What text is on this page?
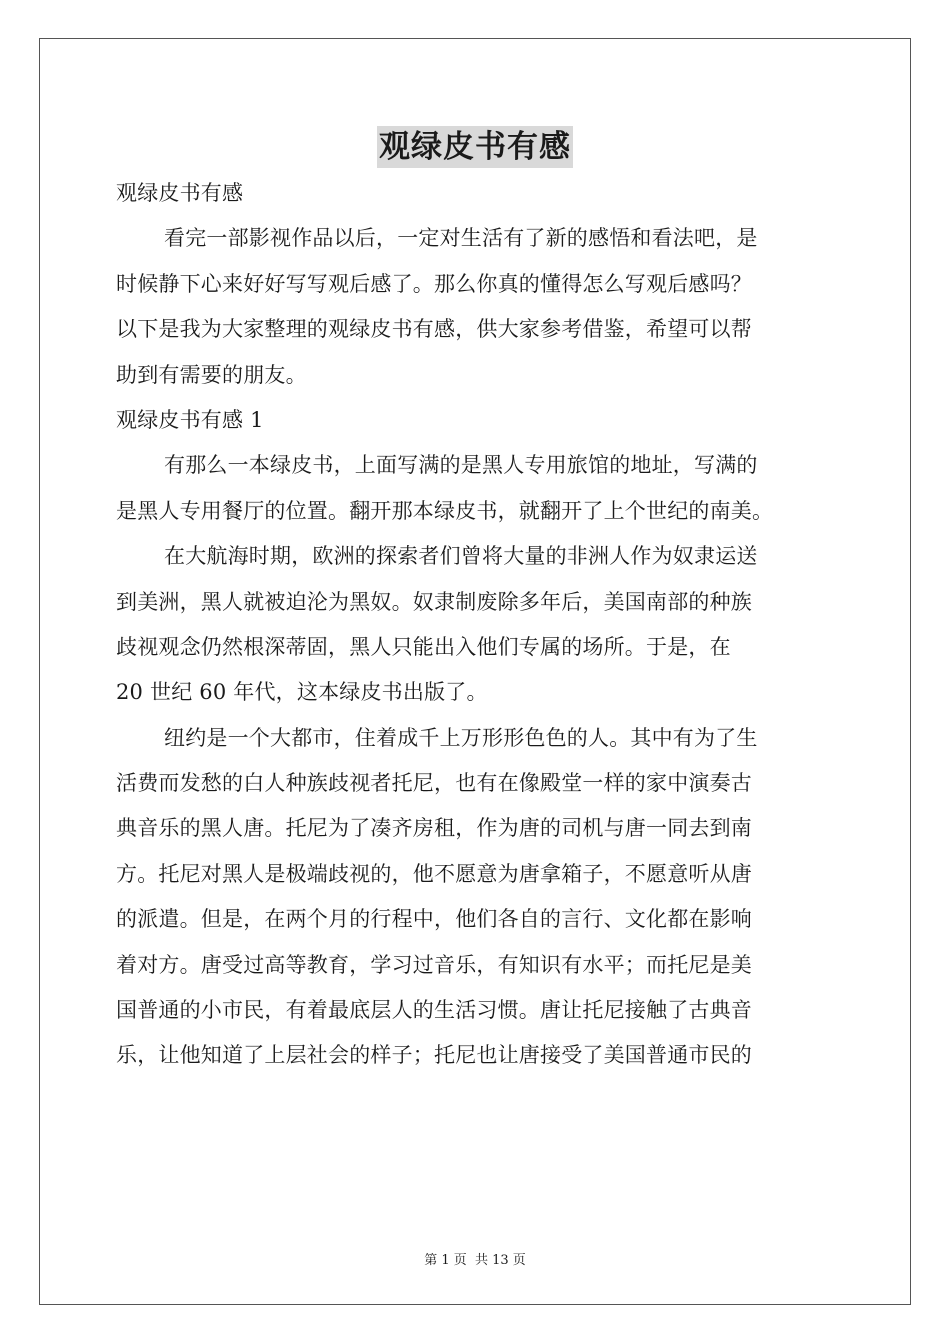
观绿皮书有感

观绿皮书有感

看完一部影视作品以后，一定对生活有了新的感悟和看法吧，是

时候静下心来好好写写观后感了。那么你真的懂得怎么写观后感吗？

以下是我为大家整理的观绿皮书有感，供大家参考借鉴，希望可以帮

助到有需要的朋友。

观绿皮书有感 1

有那么一本绿皮书，上面写满的是黑人专用旅馆的地址，写满的

是黑人专用餐厅的位置。翻开那本绿皮书，就翻开了上个世纪的南美。

在大航海时期，欧洲的探索者们曾将大量的非洲人作为奴隶运送

到美洲，黑人就被迫沦为黑奴。奴隶制废除多年后，美国南部的种族

歧视观念仍然根深蒂固，黑人只能出入他们专属的场所。于是，在

20 世纪 60 年代，这本绿皮书出版了。

纽约是一个大都市，住着成千上万形形色色的人。其中有为了生

活费而发愁的白人种族歧视者托尼，也有在像殿堂一样的家中演奏古

典音乐的黑人唐。托尼为了凑齐房租，作为唐的司机与唐一同去到南

方。托尼对黑人是极端歧视的，他不愿意为唐拿箱子，不愿意听从唐

的派遣。但是，在两个月的行程中，他们各自的言行、文化都在影响

着对方。唐受过高等教育，学习过音乐，有知识有水平；而托尼是美

国普通的小市民，有着最底层人的生活习惯。唐让托尼接触了古典音

乐，让他知道了上层社会的样子；托尼也让唐接受了美国普通市民的

第 1 页 共 13 页
